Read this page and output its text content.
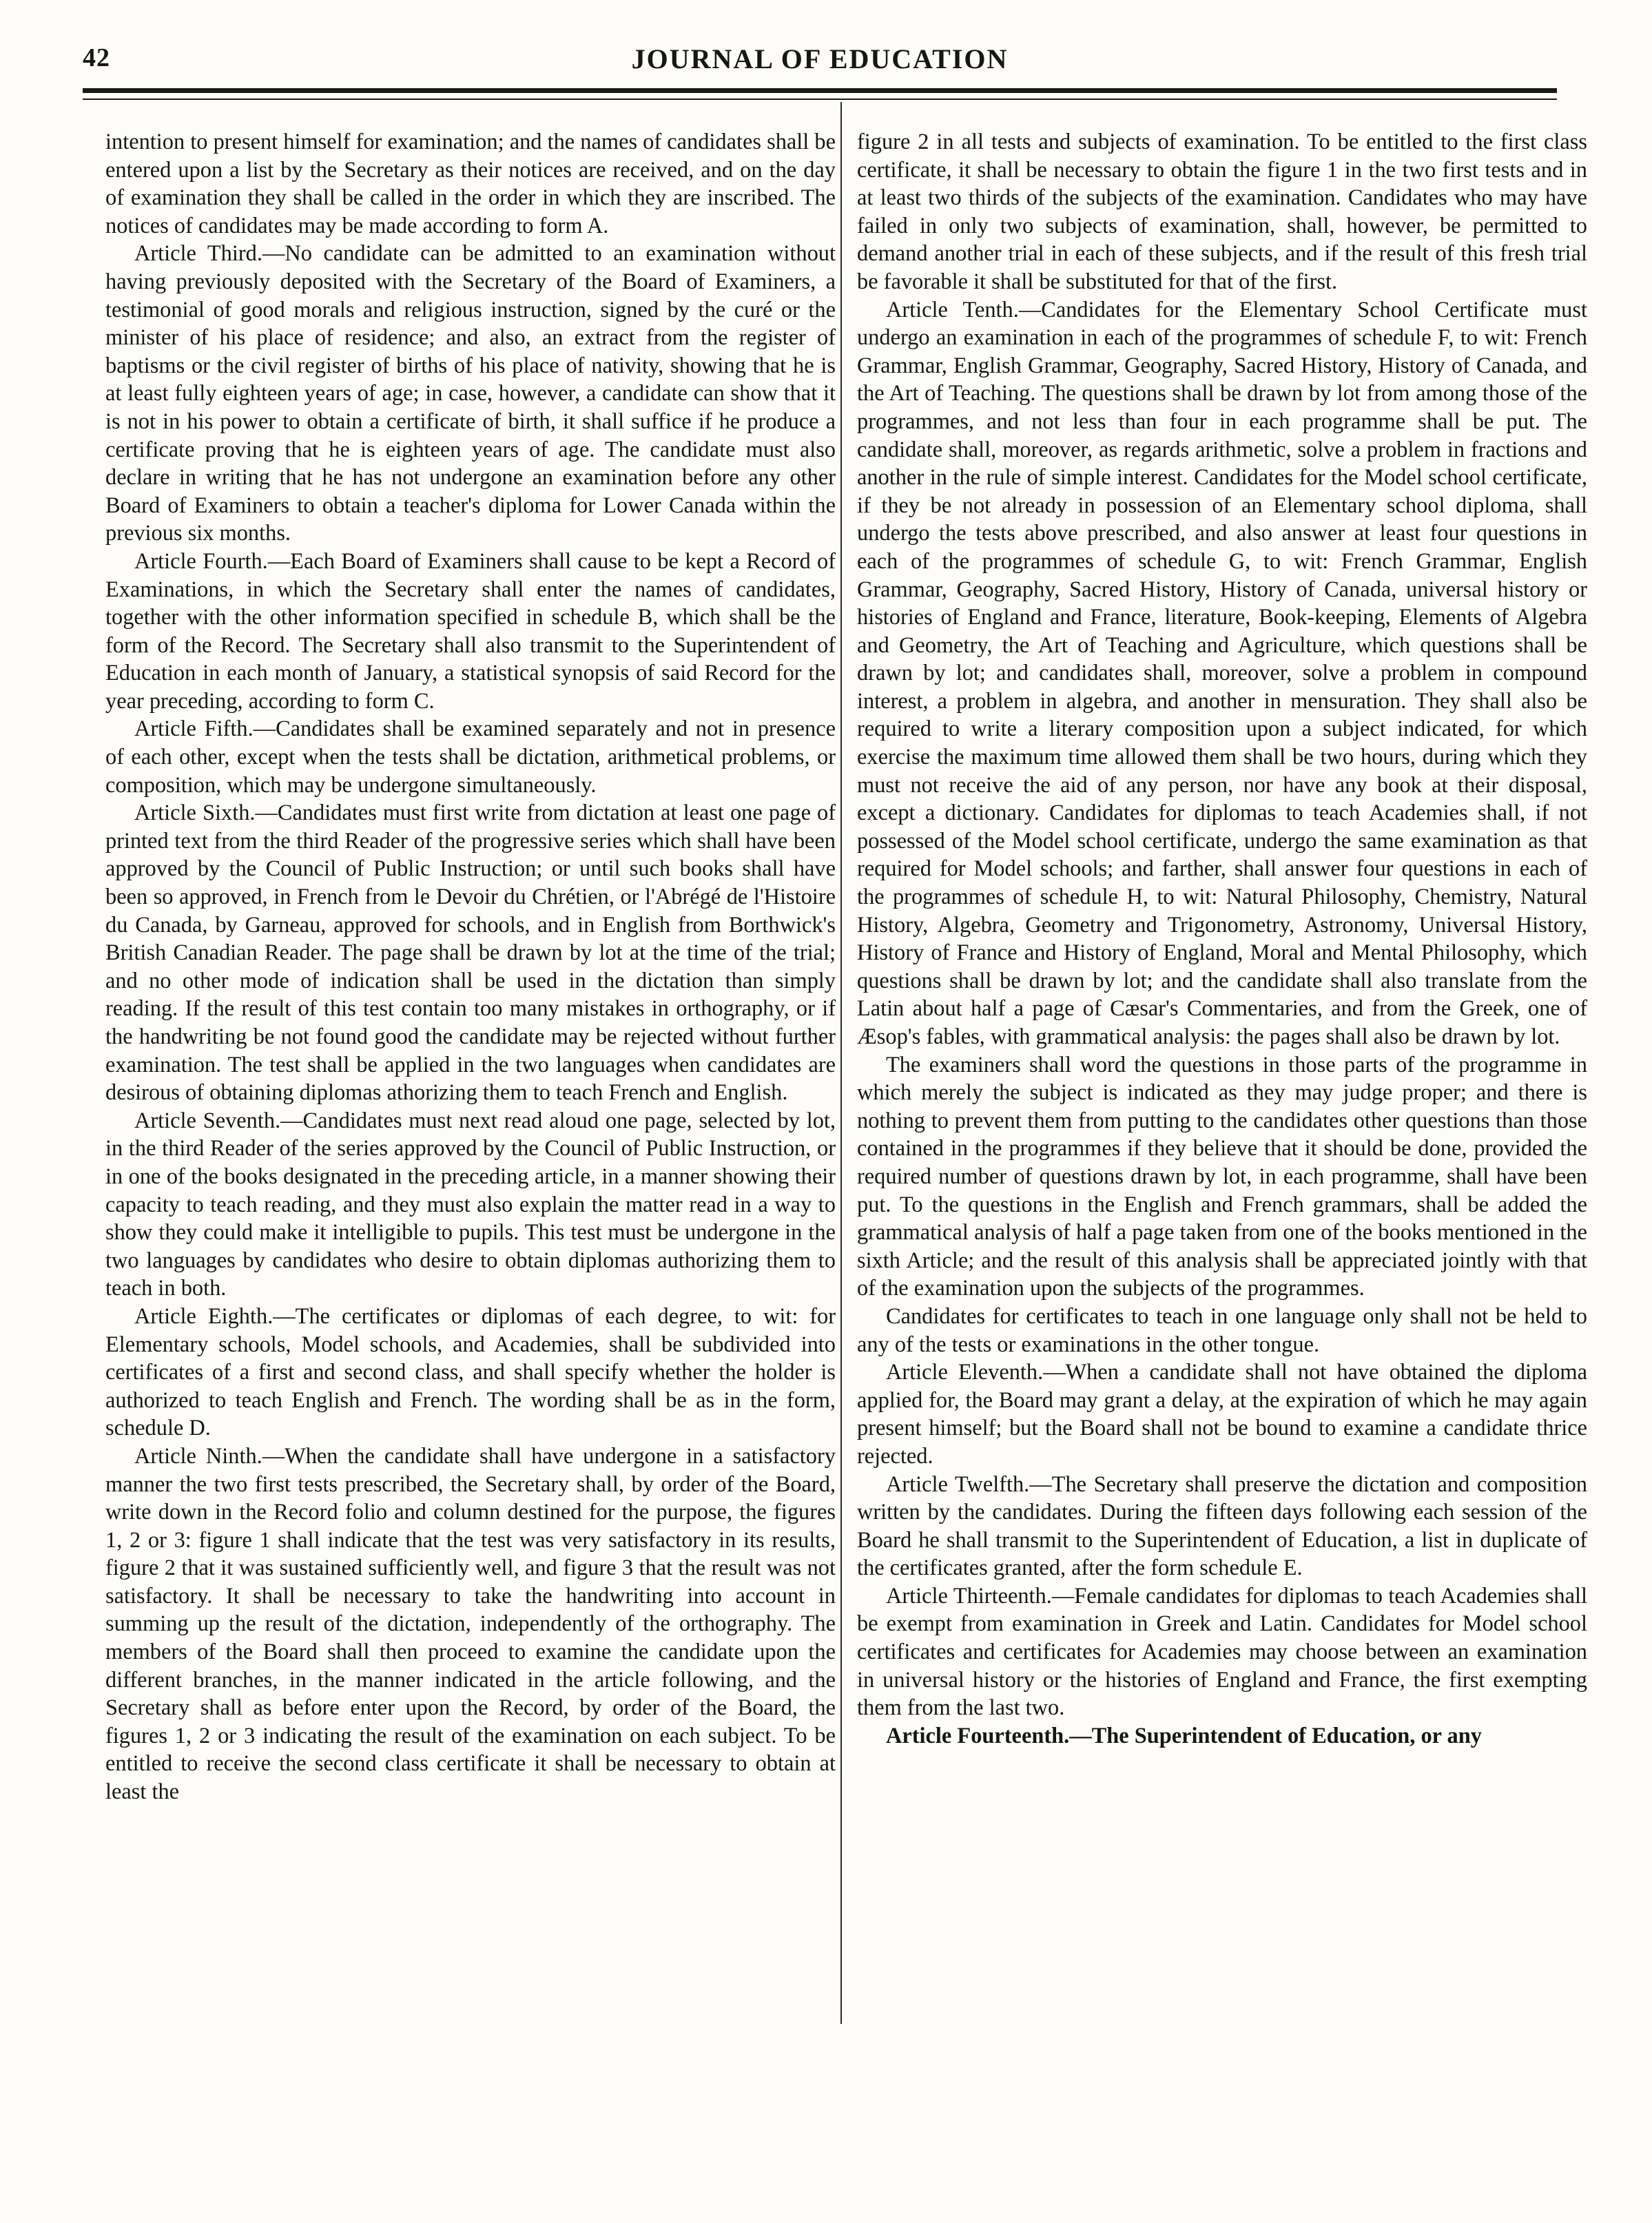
42	JOURNAL OF EDUCATION

intention to present himself for examination; and the names of candidates shall be entered upon a list by the Secretary as their notices are received, and on the day of examination they shall be called in the order in which they are inscribed. The notices of candidates may be made according to form A.

Article Third.—No candidate can be admitted to an examination without having previously deposited with the Secretary of the Board of Examiners, a testimonial of good morals and religious instruction, signed by the curé or the minister of his place of residence; and also, an extract from the register of baptisms or the civil register of births of his place of nativity, showing that he is at least fully eighteen years of age; in case, however, a candidate can show that it is not in his power to obtain a certificate of birth, it shall suffice if he produce a certificate proving that he is eighteen years of age. The candidate must also declare in writing that he has not undergone an examination before any other Board of Examiners to obtain a teacher's diploma for Lower Canada within the previous six months.

Article Fourth.—Each Board of Examiners shall cause to be kept a Record of Examinations, in which the Secretary shall enter the names of candidates, together with the other information specified in schedule B, which shall be the form of the Record. The Secretary shall also transmit to the Superintendent of Education in each month of January, a statistical synopsis of said Record for the year preceding, according to form C.

Article Fifth.—Candidates shall be examined separately and not in presence of each other, except when the tests shall be dictation, arithmetical problems, or composition, which may be undergone simultaneously.

Article Sixth.—Candidates must first write from dictation at least one page of printed text from the third Reader of the progressive series which shall have been approved by the Council of Public Instruction; or until such books shall have been so approved, in French from le Devoir du Chrétien, or l'Abrégé de l'Histoire du Canada, by Garneau, approved for schools, and in English from Borthwick's British Canadian Reader. The page shall be drawn by lot at the time of the trial; and no other mode of indication shall be used in the dictation than simply reading. If the result of this test contain too many mistakes in orthography, or if the handwriting be not found good the candidate may be rejected without further examination. The test shall be applied in the two languages when candidates are desirous of obtaining diplomas athorizing them to teach French and English.

Article Seventh.—Candidates must next read aloud one page, selected by lot, in the third Reader of the series approved by the Council of Public Instruction, or in one of the books designated in the preceding article, in a manner showing their capacity to teach reading, and they must also explain the matter read in a way to show they could make it intelligible to pupils. This test must be undergone in the two languages by candidates who desire to obtain diplomas authorizing them to teach in both.

Article Eighth.—The certificates or diplomas of each degree, to wit: for Elementary schools, Model schools, and Academies, shall be subdivided into certificates of a first and second class, and shall specify whether the holder is authorized to teach English and French. The wording shall be as in the form, schedule D.

Article Ninth.—When the candidate shall have undergone in a satisfactory manner the two first tests prescribed, the Secretary shall, by order of the Board, write down in the Record folio and column destined for the purpose, the figures 1, 2 or 3: figure 1 shall indicate that the test was very satisfactory in its results, figure 2 that it was sustained sufficiently well, and figure 3 that the result was not satisfactory. It shall be necessary to take the handwriting into account in summing up the result of the dictation, independently of the orthography. The members of the Board shall then proceed to examine the candidate upon the different branches, in the manner indicated in the article following, and the Secretary shall as before enter upon the Record, by order of the Board, the figures 1, 2 or 3 indicating the result of the examination on each subject. To be entitled to receive the second class certificate it shall be necessary to obtain at least the

figure 2 in all tests and subjects of examination. To be entitled to the first class certificate, it shall be necessary to obtain the figure 1 in the two first tests and in at least two thirds of the subjects of the examination. Candidates who may have failed in only two subjects of examination, shall, however, be permitted to demand another trial in each of these subjects, and if the result of this fresh trial be favorable it shall be substituted for that of the first.

Article Tenth.—Candidates for the Elementary School Certificate must undergo an examination in each of the programmes of schedule F, to wit: French Grammar, English Grammar, Geography, Sacred History, History of Canada, and the Art of Teaching. The questions shall be drawn by lot from among those of the programmes, and not less than four in each programme shall be put. The candidate shall, moreover, as regards arithmetic, solve a problem in fractions and another in the rule of simple interest. Candidates for the Model school certificate, if they be not already in possession of an Elementary school diploma, shall undergo the tests above prescribed, and also answer at least four questions in each of the programmes of schedule G, to wit: French Grammar, English Grammar, Geography, Sacred History, History of Canada, universal history or histories of England and France, literature, Book-keeping, Elements of Algebra and Geometry, the Art of Teaching and Agriculture, which questions shall be drawn by lot; and candidates shall, moreover, solve a problem in compound interest, a problem in algebra, and another in mensuration. They shall also be required to write a literary composition upon a subject indicated, for which exercise the maximum time allowed them shall be two hours, during which they must not receive the aid of any person, nor have any book at their disposal, except a dictionary. Candidates for diplomas to teach Academies shall, if not possessed of the Model school certificate, undergo the same examination as that required for Model schools; and farther, shall answer four questions in each of the programmes of schedule H, to wit: Natural Philosophy, Chemistry, Natural History, Algebra, Geometry and Trigonometry, Astronomy, Universal History, History of France and History of England, Moral and Mental Philosophy, which questions shall be drawn by lot; and the candidate shall also translate from the Latin about half a page of Cæsar's Commentaries, and from the Greek, one of Æsop's fables, with grammatical analysis: the pages shall also be drawn by lot.

The examiners shall word the questions in those parts of the programme in which merely the subject is indicated as they may judge proper; and there is nothing to prevent them from putting to the candidates other questions than those contained in the programmes if they believe that it should be done, provided the required number of questions drawn by lot, in each programme, shall have been put. To the questions in the English and French grammars, shall be added the grammatical analysis of half a page taken from one of the books mentioned in the sixth Article; and the result of this analysis shall be appreciated jointly with that of the examination upon the subjects of the programmes.

Candidates for certificates to teach in one language only shall not be held to any of the tests or examinations in the other tongue.

Article Eleventh.—When a candidate shall not have obtained the diploma applied for, the Board may grant a delay, at the expiration of which he may again present himself; but the Board shall not be bound to examine a candidate thrice rejected.

Article Twelfth.—The Secretary shall preserve the dictation and composition written by the candidates. During the fifteen days following each session of the Board he shall transmit to the Superintendent of Education, a list in duplicate of the certificates granted, after the form schedule E.

Article Thirteenth.—Female candidates for diplomas to teach Academies shall be exempt from examination in Greek and Latin. Candidates for Model school certificates and certificates for Academies may choose between an examination in universal history or the histories of England and France, the first exempting them from the last two.

Article Fourteenth.—The Superintendent of Education, or any
